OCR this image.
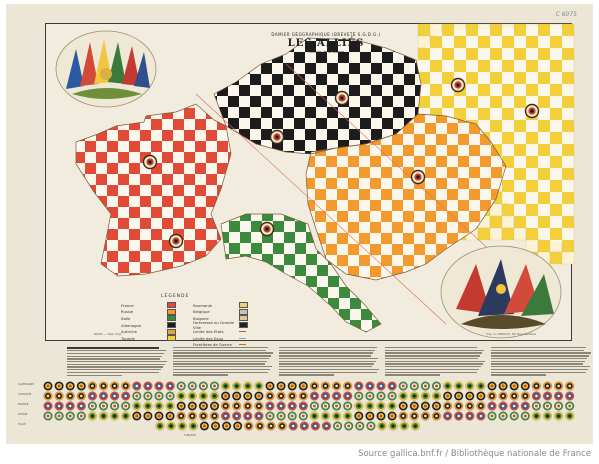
C 6075
DAMIER GÉOGRAPHIQUE (BREVETÉ S.G.D.G.)
LES ALLIÉS
Théâtre de la Guerre
LÉGENDE
France
Russie
Italie
Allemagne
Autriche
Turquie
Roumanie
Belgique
Bulgarie
Forteresse ou Grande Ville
Limite des Etats
Limite des Eaux
Frontières de Guerre
PARIS — Dép. Imp.	Imp. A. LEROUX, 52, Rue Sedaine
ALLEMAGNE
AUTRICHE
FRANCE
RUSSIE
ITALIE
TURQUIE
Source gallica.bnf.fr / Bibliothèque nationale de France
